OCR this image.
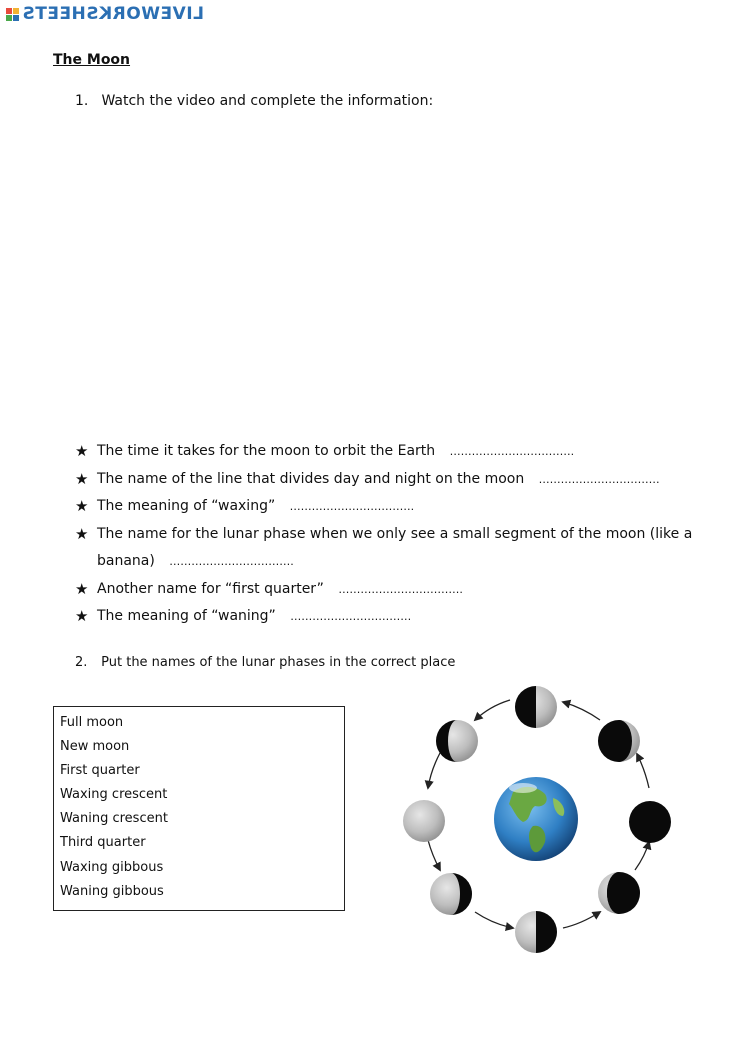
LIVEWORKSHEETS
The Moon
1. Watch the video and complete the information:
★ The time it takes for the moon to orbit the Earth …………………………….
★ The name of the line that divides day and night on the moon ……………………………
★ The meaning of “waxing” …………………………….
★ The name for the lunar phase when we only see a small segment of the moon (like a banana) …………………………….
★ Another name for “first quarter” …………………………….
★ The meaning of “waning” ……………………………
2. Put the names of the lunar phases in the correct place
Full moon
New moon
First quarter
Waxing crescent
Waning crescent
Third quarter
Waxing gibbous
Waning gibbous
